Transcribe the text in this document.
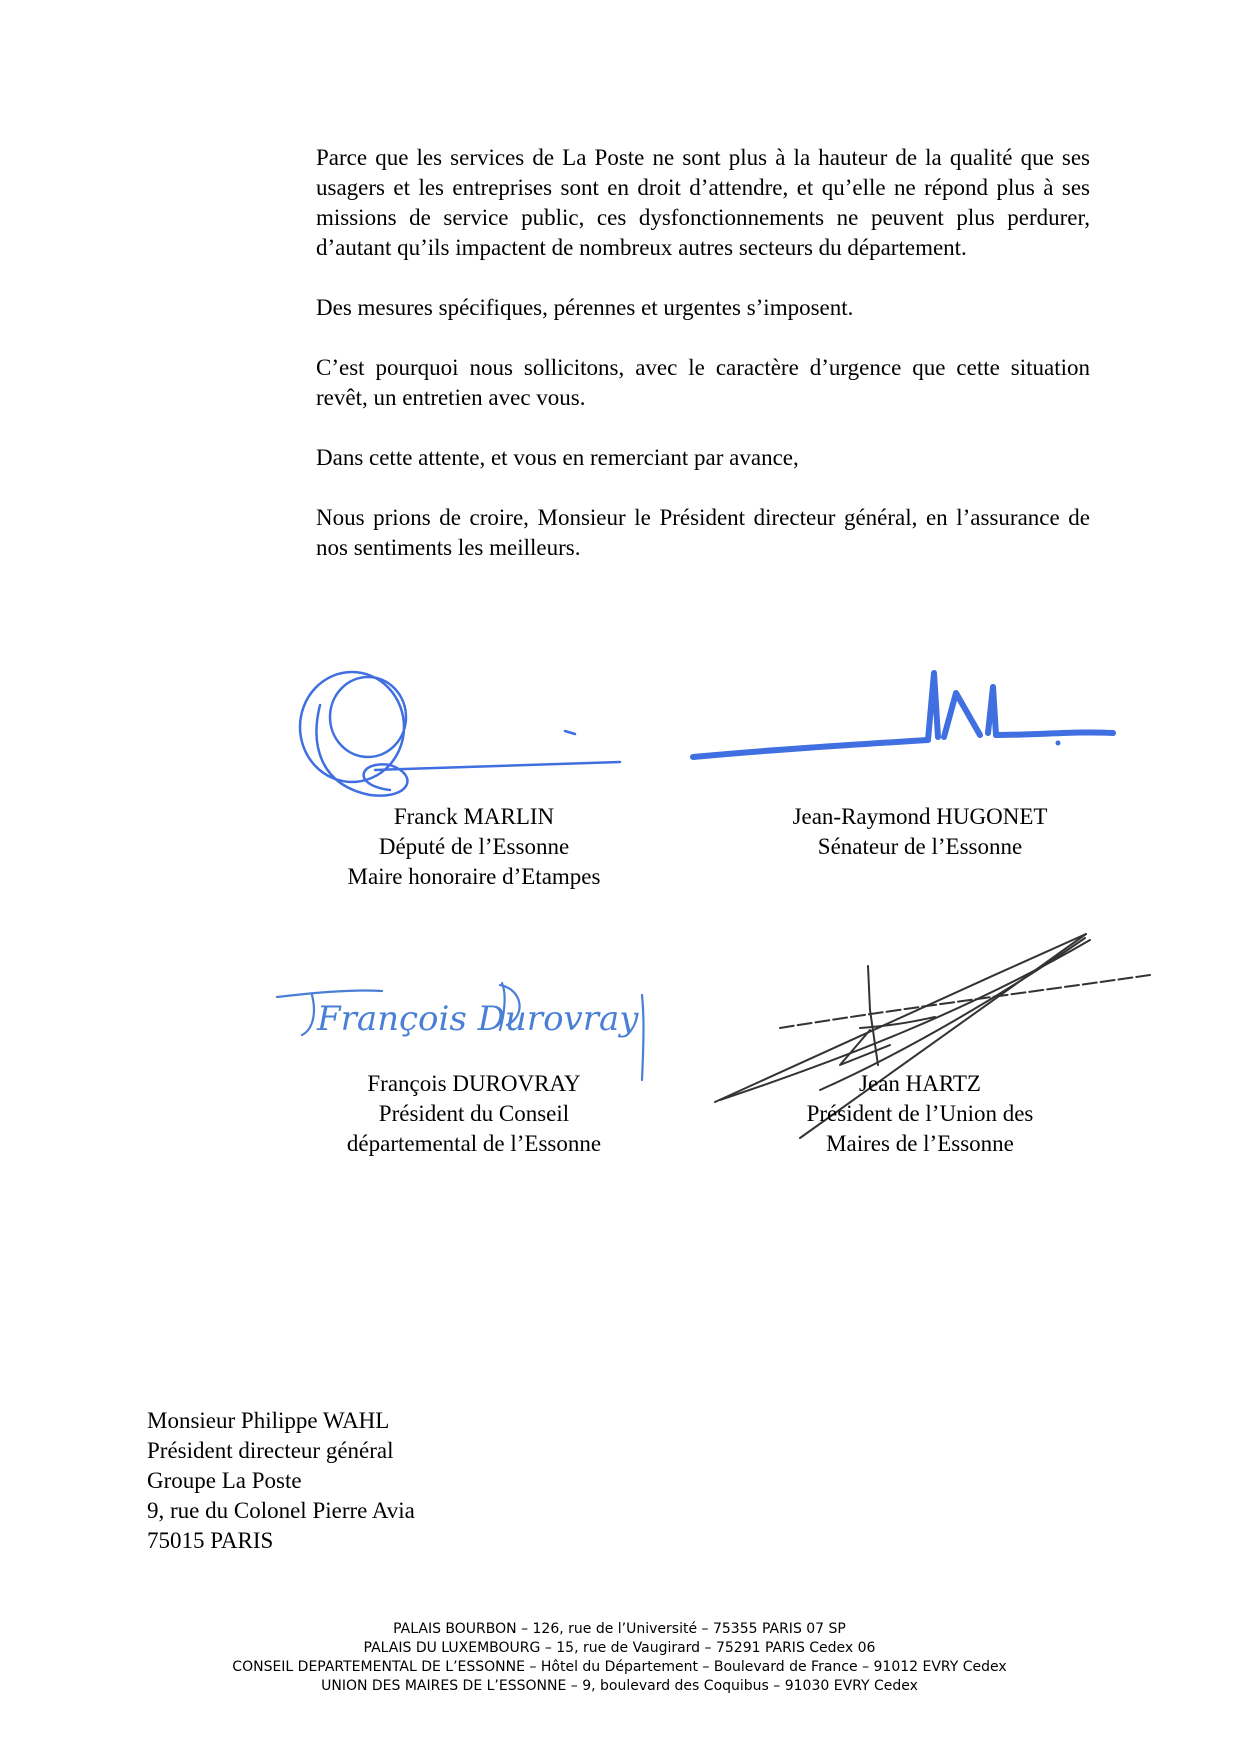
Parce que les services de La Poste ne sont plus à la hauteur de la qualité que ses usagers et les entreprises sont en droit d’attendre, et qu’elle ne répond plus à ses missions de service public, ces dysfonctionnements ne peuvent plus perdurer, d’autant qu’ils impactent de nombreux autres secteurs du département.

Des mesures spécifiques, pérennes et urgentes s’imposent.

C’est pourquoi nous sollicitons, avec le caractère d’urgence que cette situation revêt, un entretien avec vous.

Dans cette attente, et vous en remerciant par avance,

Nous prions de croire, Monsieur le Président directeur général, en l’assurance de nos sentiments les meilleurs.

Franck MARLIN
Député de l’Essonne
Maire honoraire d’Etampes
Jean-Raymond HUGONET
Sénateur de l’Essonne
François Durovray
François DUROVRAY
Président du Conseil
départemental de l’Essonne
Jean HARTZ
Président de l’Union des
Maires de l’Essonne
Monsieur Philippe WAHL
Président directeur général
Groupe La Poste
9, rue du Colonel Pierre Avia
75015 PARIS
PALAIS BOURBON – 126, rue de l’Université – 75355 PARIS 07 SP
PALAIS DU LUXEMBOURG – 15, rue de Vaugirard – 75291 PARIS Cedex 06
CONSEIL DEPARTEMENTAL DE L’ESSONNE – Hôtel du Département – Boulevard de France – 91012 EVRY Cedex
UNION DES MAIRES DE L’ESSONNE – 9, boulevard des Coquibus – 91030 EVRY Cedex
